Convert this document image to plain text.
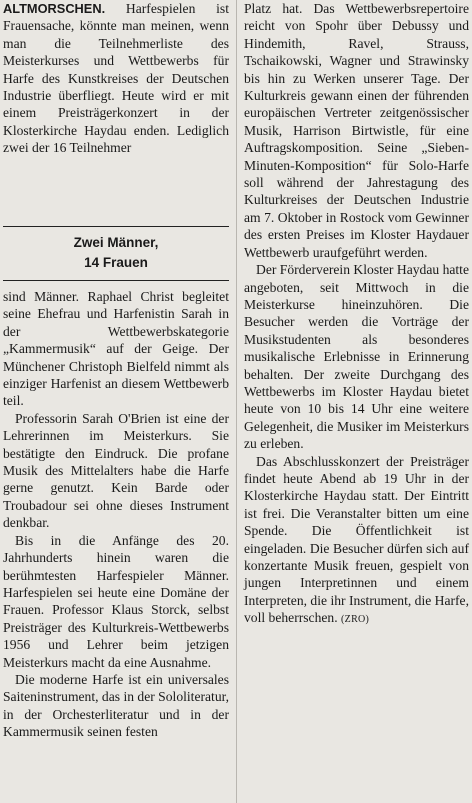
ALTMORSCHEN. Harfespielen ist Frauensache, könnte man meinen, wenn man die Teilnehmerliste des Meisterkurses und Wettbewerbs für Harfe des Kunstkreises der Deutschen Industrie überfliegt. Heute wird er mit einem Preisträgerkonzert in der Klosterkirche Haydau enden. Lediglich zwei der 16 Teilnehmer

Zwei Männer,
14 Frauen

sind Männer. Raphael Christ begleitet seine Ehefrau und Harfenistin Sarah in der Wettbewerbskategorie „Kammermusik“ auf der Geige. Der Münchener Christoph Bielfeld nimmt als einziger Harfenist an diesem Wettbewerb teil.

Professorin Sarah O'Brien ist eine der Lehrerinnen im Meisterkurs. Sie bestätigte den Eindruck. Die profane Musik des Mittelalters habe die Harfe gerne genutzt. Kein Barde oder Troubadour sei ohne dieses Instrument denkbar.

Bis in die Anfänge des 20. Jahrhunderts hinein waren die berühmtesten Harfespieler Männer. Harfespielen sei heute eine Domäne der Frauen. Professor Klaus Storck, selbst Preisträger des Kulturkreis-Wettbewerbs 1956 und Lehrer beim jetzigen Meisterkurs macht da eine Ausnahme.

Die moderne Harfe ist ein universales Saiteninstrument, das in der Sololiteratur, in der Orchesterliteratur und in der Kammermusik seinen festen

Platz hat. Das Wettbewerbsrepertoire reicht von Spohr über Debussy und Hindemith, Ravel, Strauss, Tschaikowski, Wagner und Strawinsky bis hin zu Werken unserer Tage. Der Kulturkreis gewann einen der führenden europäischen Vertreter zeitgenössischer Musik, Harrison Birtwistle, für eine Auftragskomposition. Seine „Sieben-Minuten-Komposition“ für Solo-Harfe soll während der Jahrestagung des Kulturkreises der Deutschen Industrie am 7. Oktober in Rostock vom Gewinner des ersten Preises im Kloster Haydauer Wettbewerb uraufgeführt werden.

Der Förderverein Kloster Haydau hatte angeboten, seit Mittwoch in die Meisterkurse hineinzuhören. Die Besucher werden die Vorträge der Musikstudenten als besonderes musikalische Erlebnisse in Erinnerung behalten. Der zweite Durchgang des Wettbewerbs im Kloster Haydau bietet heute von 10 bis 14 Uhr eine weitere Gelegenheit, die Musiker im Meisterkurs zu erleben.

Das Abschlusskonzert der Preisträger findet heute Abend ab 19 Uhr in der Klosterkirche Haydau statt. Der Eintritt ist frei. Die Veranstalter bitten um eine Spende. Die Öffentlichkeit ist eingeladen. Die Besucher dürfen sich auf konzertante Musik freuen, gespielt von jungen Interpretinnen und einem Interpreten, die ihr Instrument, die Harfe, voll beherrschen. (ZRO)
